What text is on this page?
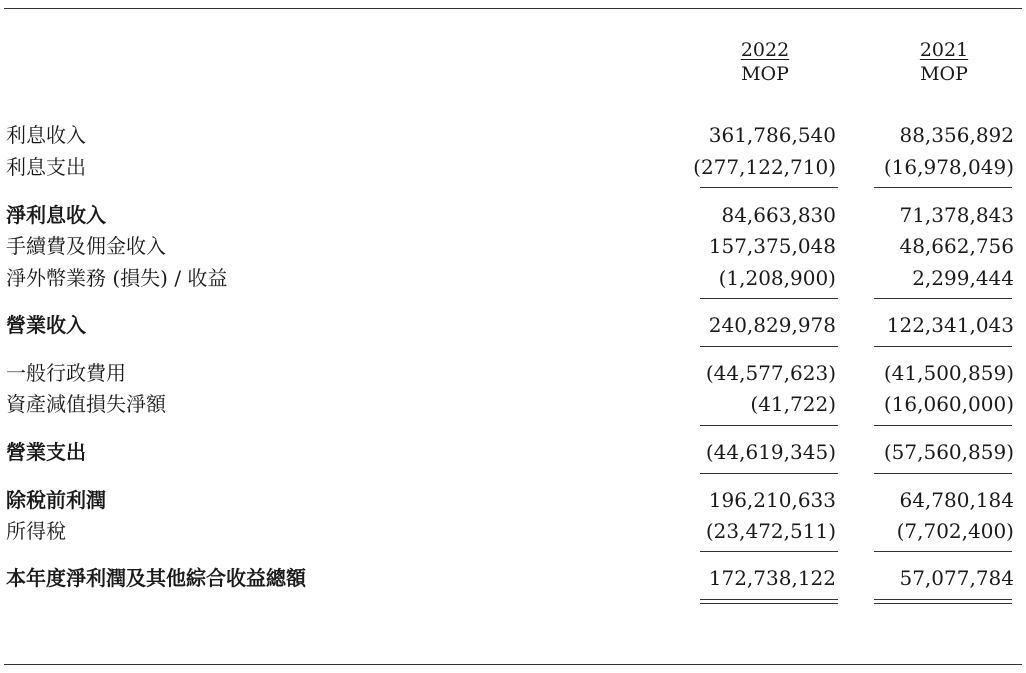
2022
MOP
2021
MOP
利息收入	361,786,540	88,356,892
利息支出	(277,122,710) (16,978,049)
淨利息收入	84,663,830	71,378,843
手續費及佣金收入	157,375,048	48,662,756
淨外幣業務 (損失) / 收益	(1,208,900)	2,299,444
營業收入	240,829,978	122,341,043
一般行政費用	(44,577,623) (41,500,859)
資產減值損失淨額	(41,722) (16,060,000)
營業支出	(44,619,345) (57,560,859)
除稅前利潤	196,210,633	64,780,184
所得稅	(23,472,511)	(7,702,400)
本年度淨利潤及其他綜合收益總額	172,738,122	57,077,784
